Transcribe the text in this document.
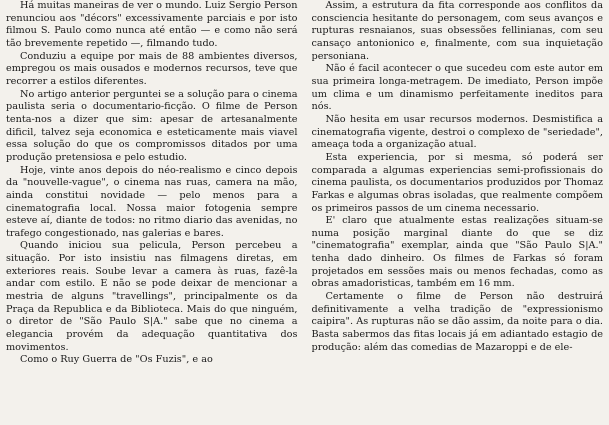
Há muitas maneiras de ver o mundo. Luiz Sergio Person renunciou aos "décors" excessivamente parciais e por isto filmou S. Paulo como nunca até então — e como não será tão brevemente repetido —, filmando tudo.

Conduziu a equipe por mais de 88 ambientes diversos, empregou os mais ousados e modernos recursos, teve que recorrer a estilos diferentes.

No artigo anterior perguntei se a solução para o cinema paulista seria o documentario-ficção. O filme de Person tenta-nos a dizer que sim: apesar de artesanalmente dificil, talvez seja economica e esteticamente mais viavel essa solução do que os compromissos ditados por uma produção pretensiosa e pelo estudio.

Hoje, vinte anos depois do néo-realismo e cinco depois da "nouvelle-vague", o cinema nas ruas, camera na mão, ainda constitui novidade — pelo menos para a cinematografia local. Nossa maior fotogenia sempre esteve aí, diante de todos: no ritmo diario das avenidas, no trafego congestionado, nas galerias e bares.

Quando iniciou sua pelicula, Person percebeu a situação. Por isto insistiu nas filmagens diretas, em exteriores reais. Soube levar a camera às ruas, fazê-la andar com estilo. E não se pode deixar de mencionar a mestria de alguns "travellings", principalmente os da Praça da Republica e da Biblioteca. Mais do que ninguém, o diretor de "São Paulo S|A." sabe que no cinema a elegancia provém da adequação quantitativa dos movimentos.

Como o Ruy Guerra de "Os Fuzis", e ao

Assim, a estrutura da fita corresponde aos conflitos da consciencia hesitante do personagem, com seus avanços e rupturas resnaianos, suas obsessões fellinianas, com seu cansaço antonionico e, finalmente, com sua inquietação personiana.

Não é facil acontecer o que sucedeu com este autor em sua primeira longa-metragem. De imediato, Person impõe um clima e um dinamismo perfeitamente ineditos para nós.

Não hesita em usar recursos modernos. Desmistifica a cinematografia vigente, destroi o complexo de "seriedade", ameaça toda a organização atual.

Esta experiencia, por si mesma, só poderá ser comparada a algumas experiencias semi-profissionais do cinema paulista, os documentarios produzidos por Thomaz Farkas e algumas obras isoladas, que realmente compõem os primeiros passos de um cinema necessario.

E' claro que atualmente estas realizações situam-se numa posição marginal diante do que se diz "cinematografia" exemplar, ainda que "São Paulo S|A." tenha dado dinheiro. Os filmes de Farkas só foram projetados em sessões mais ou menos fechadas, como as obras amadoristicas, também em 16 mm.

Certamente o filme de Person não destruirá definitivamente a velha tradição de "expressionismo caipira". As rupturas não se dão assim, da noite para o dia. Basta sabermos das fitas locais já em adiantado estagio de produção: além das comedias de Mazaroppi e de ele-
